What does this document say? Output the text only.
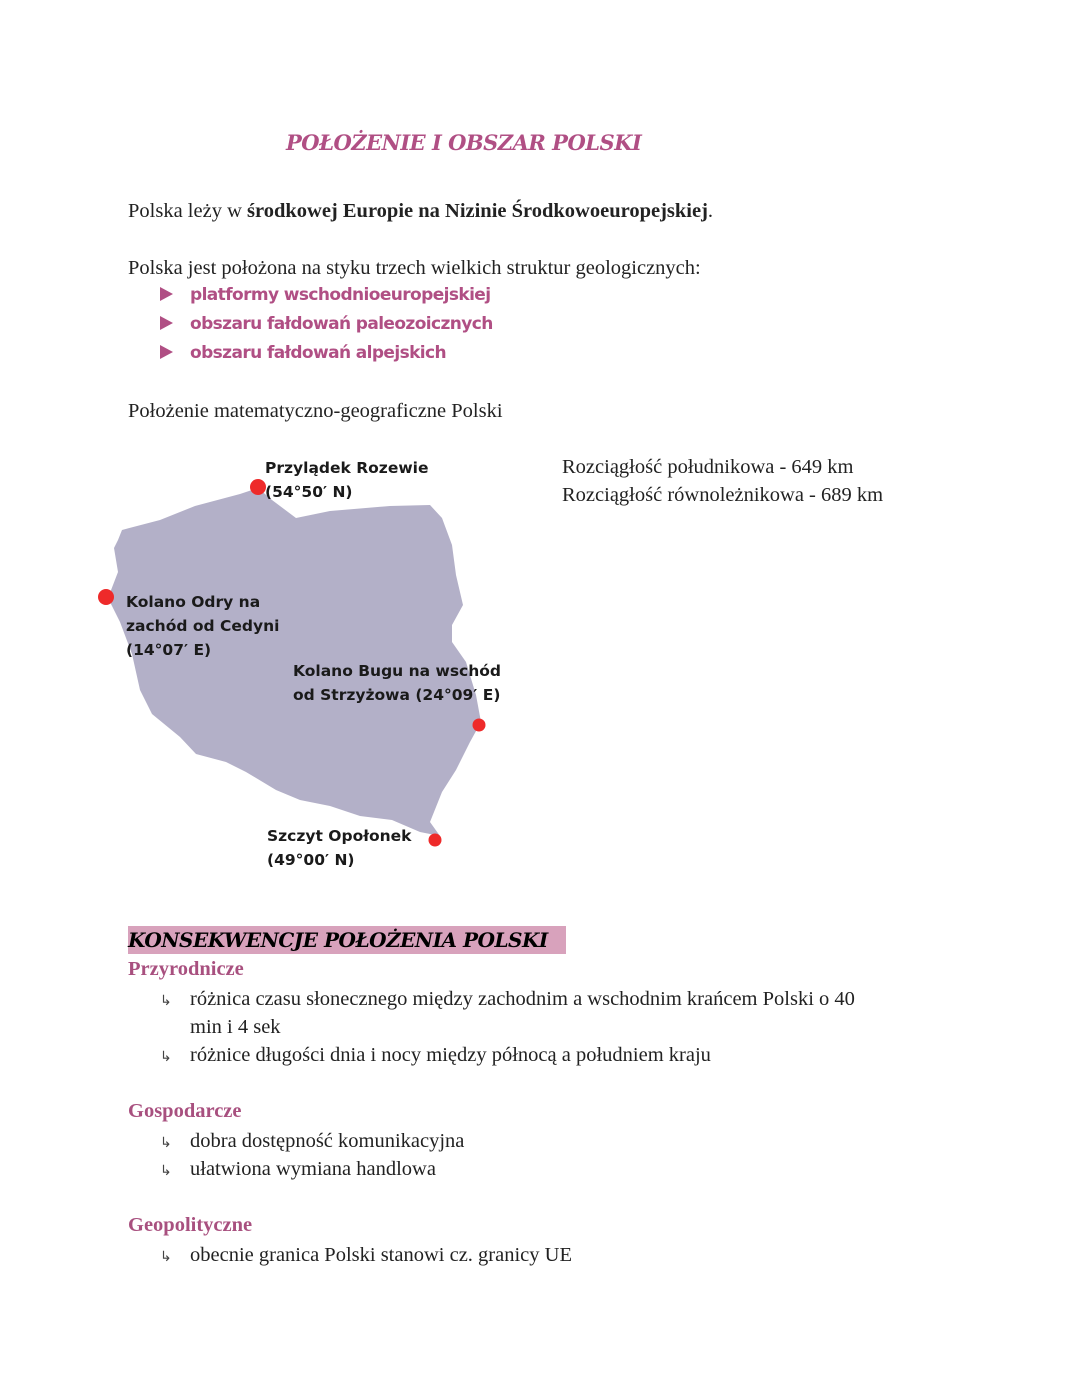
POŁOŻENIE I OBSZAR POLSKI
Polska leży w środkowej Europie na Nizinie Środkowoeuropejskiej.
Polska jest położona na styku trzech wielkich struktur geologicznych:
platformy wschodnioeuropejskiej
obszaru fałdowań paleozoicznych
obszaru fałdowań alpejskich
Położenie matematyczno-geograficzne Polski
Przylądek Rozewie
(54°50′ N)
Kolano Odry na
zachód od Cedyni
(14°07′ E)
Kolano Bugu na wschód
od Strzyżowa (24°09′ E)
Szczyt Opołonek
(49°00′ N)
Rozciągłość południkowa - 649 km
Rozciągłość równoleżnikowa - 689 km
KONSEKWENCJE POŁOŻENIA POLSKI
Przyrodnicze
↳ różnica czasu słonecznego między zachodnim a wschodnim krańcem Polski o 40
min i 4 sek
↳ różnice długości dnia i nocy między północą a południem kraju
Gospodarcze
↳ dobra dostępność komunikacyjna
↳ ułatwiona wymiana handlowa
Geopolityczne
↳ obecnie granica Polski stanowi cz. granicy UE
